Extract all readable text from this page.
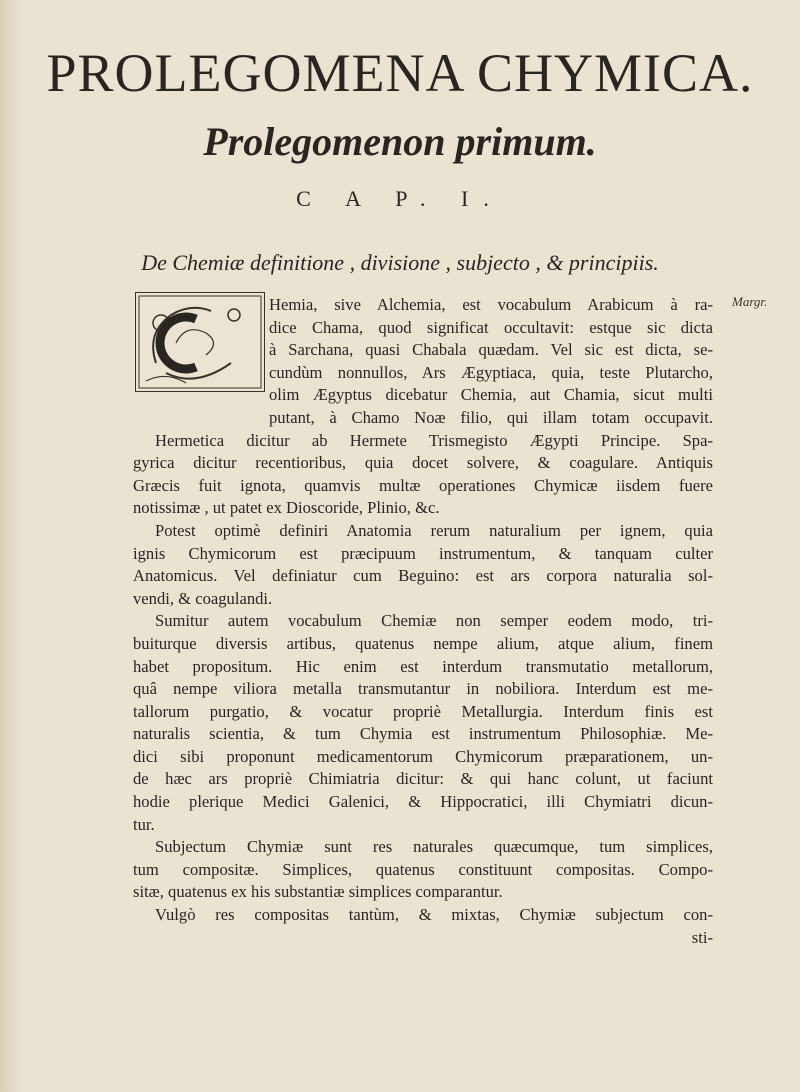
PROLEGOMENA CHYMICA.
Prolegomenon primum.
C A P. I.
De Chemiæ definitione , divisione , subjecto , & principiis.
Margr.
Hemia, sive Alchemia, est vocabulum Arabicum à ra-
dice Chama, quod significat occultavit: estque sic dicta
à Sarchana, quasi Chabala quædam. Vel sic est dicta, se-
cundùm nonnullos, Ars Ægyptiaca, quia, teste Plutarcho,
olim Ægyptus dicebatur Chemia, aut Chamia, sicut multi
putant, à Chamo Noæ filio, qui illam totam occupavit.
Hermetica dicitur ab Hermete Trismegisto Ægypti Principe. Spa-
gyrica dicitur recentioribus, quia docet solvere, & coagulare. Antiquis
Græcis fuit ignota, quamvis multæ operationes Chymicæ iisdem fuere
notissimæ , ut patet ex Dioscoride, Plinio, &c.
Potest optimè definiri Anatomia rerum naturalium per ignem, quia
ignis Chymicorum est præcipuum instrumentum, & tanquam culter
Anatomicus. Vel definiatur cum Beguino: est ars corpora naturalia sol-
vendi, & coagulandi.
Sumitur autem vocabulum Chemiæ non semper eodem modo, tri-
buiturque diversis artibus, quatenus nempe alium, atque alium, finem
habet propositum. Hic enim est interdum transmutatio metallorum,
quâ nempe viliora metalla transmutantur in nobiliora. Interdum est me-
tallorum purgatio, & vocatur propriè Metallurgia. Interdum finis est
naturalis scientia, & tum Chymia est instrumentum Philosophiæ. Me-
dici sibi proponunt medicamentorum Chymicorum præparationem, un-
de hæc ars propriè Chimiatria dicitur: & qui hanc colunt, ut faciunt
hodie plerique Medici Galenici, & Hippocratici, illi Chymiatri dicun-
tur.
Subjectum Chymiæ sunt res naturales quæcumque, tum simplices,
tum compositæ. Simplices, quatenus constituunt compositas. Compo-
sitæ, quatenus ex his substantiæ simplices comparantur.
Vulgò res compositas tantùm, & mixtas, Chymiæ subjectum con-
sti-
